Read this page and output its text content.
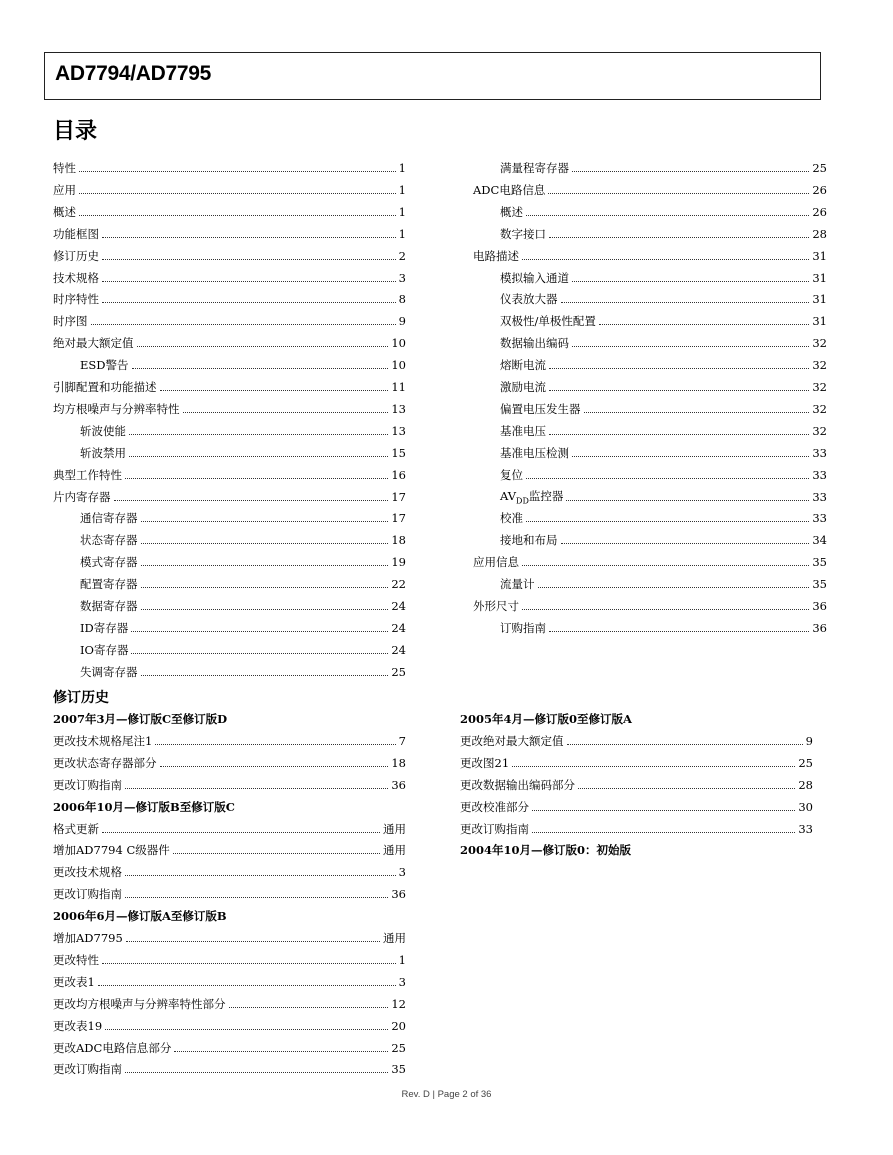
AD7794/AD7795
目录
特性	1
应用	1
概述	1
功能框图	1
修订历史	2
技术规格	3
时序特性	8
时序图	9
绝对最大额定值	10
ESD警告	10
引脚配置和功能描述	11
均方根噪声与分辨率特性	13
斩波使能	13
斩波禁用	15
典型工作特性	16
片内寄存器	17
通信寄存器	17
状态寄存器	18
模式寄存器	19
配置寄存器	22
数据寄存器	24
ID寄存器	24
IO寄存器	24
失调寄存器	25
满量程寄存器	25
ADC电路信息	26
概述	26
数字接口	28
电路描述	31
模拟输入通道	31
仪表放大器	31
双极性/单极性配置	31
数据输出编码	32
熔断电流	32
激励电流	32
偏置电压发生器	32
基准电压	32
基准电压检测	33
复位	33
$AV_{DD}$监控器	33
校准	33
接地和布局	34
应用信息	35
流量计	35
外形尺寸	36
订购指南	36
修订历史
2007年3月—修订版C至修订版D
更改技术规格尾注1	7
更改状态寄存器部分	18
更改订购指南	36
2006年10月—修订版B至修订版C
格式更新	通用
增加AD7794 C级器件	通用
更改技术规格	3
更改订购指南	36
2006年6月—修订版A至修订版B
增加AD7795	通用
更改特性	1
更改表1	3
更改均方根噪声与分辨率特性部分	12
更改表19	20
更改ADC电路信息部分	25
更改订购指南	35
2005年4月—修订版0至修订版A
更改绝对最大额定值	9
更改图21	25
更改数据输出编码部分	28
更改校准部分	30
更改订购指南	33
2004年10月—修订版0：初始版
Rev. D | Page 2 of 36
